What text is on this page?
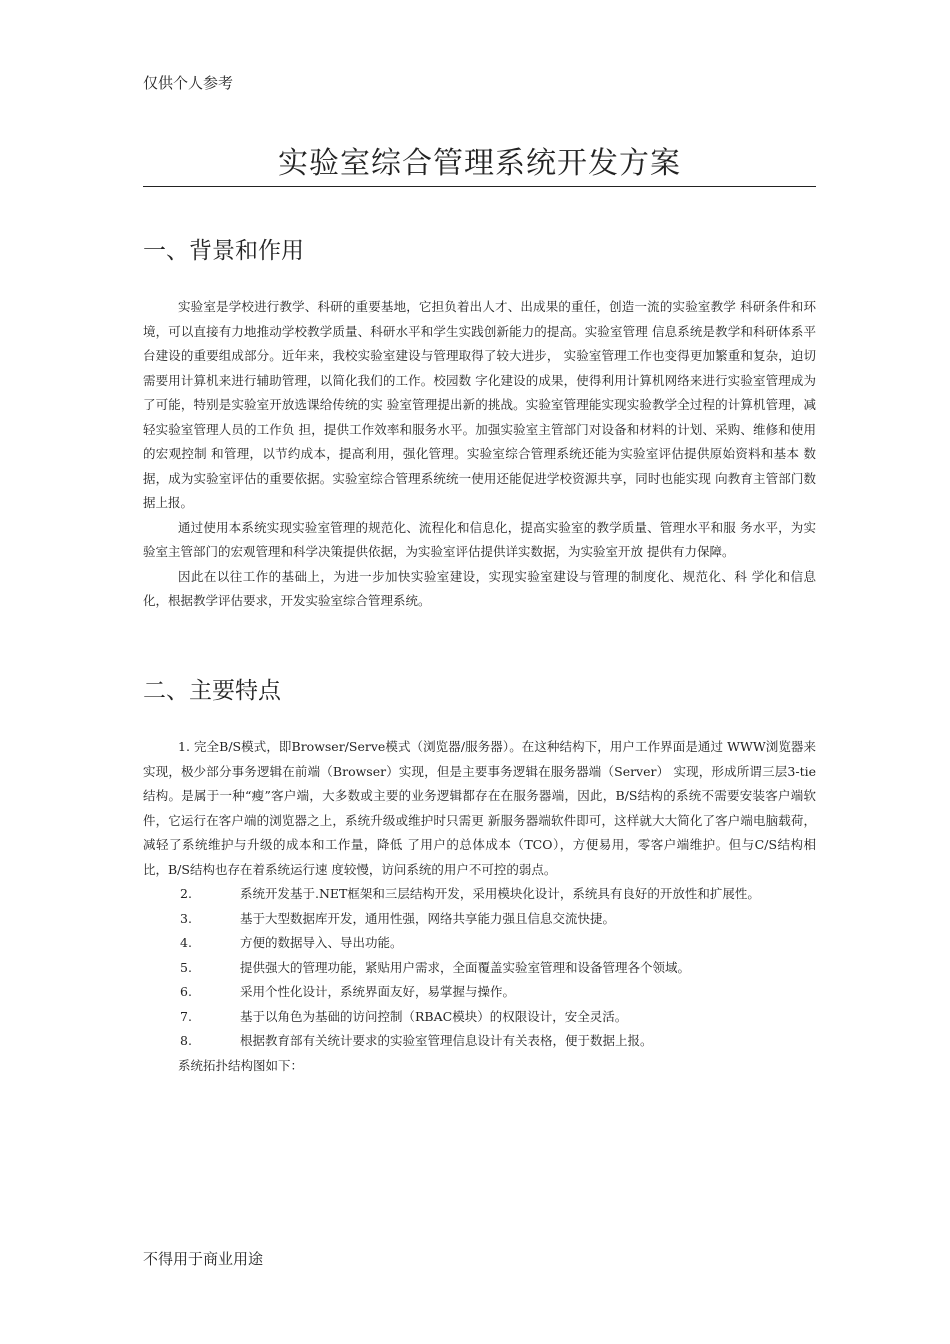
仅供个人参考
实验室综合管理系统开发方案
一、背景和作用

实验室是学校进行教学、科研的重要基地，它担负着出人才、出成果的重任，创造一流的实验室教学 科研条件和环境，可以直接有力地推动学校教学质量、科研水平和学生实践创新能力的提高。实验室管理 信息系统是教学和科研体系平台建设的重要组成部分。近年来，我校实验室建设与管理取得了较大进步， 实验室管理工作也变得更加繁重和复杂，迫切需要用计算机来进行辅助管理，以简化我们的工作。校园数 字化建设的成果，使得利用计算机网络来进行实验室管理成为了可能，特别是实验室开放选课给传统的实 验室管理提出新的挑战。实验室管理能实现实验教学全过程的计算机管理，减轻实验室管理人员的工作负 担，提供工作效率和服务水平。加强实验室主管部门对设备和材料的计划、采购、维修和使用的宏观控制 和管理，以节约成本，提高利用，强化管理。实验室综合管理系统还能为实验室评估提供原始资料和基本 数据，成为实验室评估的重要依据。实验室综合管理系统统一使用还能促进学校资源共享，同时也能实现 向教育主管部门数据上报。

通过使用本系统实现实验室管理的规范化、流程化和信息化，提高实验室的教学质量、管理水平和服 务水平，为实验室主管部门的宏观管理和科学决策提供依据，为实验室评估提供详实数据，为实验室开放 提供有力保障。

因此在以往工作的基础上，为进一步加快实验室建设，实现实验室建设与管理的制度化、规范化、科 学化和信息化，根据教学评估要求，开发实验室综合管理系统。

二、主要特点

1. 完全B/S模式，即Browser/Serve模式（浏览器/服务器）。在这种结构下，用户工作界面是通过 WWW浏览器来实现，极少部分事务逻辑在前端（Browser）实现，但是主要事务逻辑在服务器端（Server） 实现，形成所谓三层3-tie结构。是属于一种“瘦”客户端，大多数或主要的业务逻辑都存在在服务器端，因此，B/S结构的系统不需要安装客户端软件，它运行在客户端的浏览器之上，系统升级或维护时只需更 新服务器端软件即可，这样就大大简化了客户端电脑载荷，减轻了系统维护与升级的成本和工作量，降低 了用户的总体成本（TCO），方便易用，零客户端维护。但与C/S结构相比，B/S结构也存在着系统运行速 度较慢，访问系统的用户不可控的弱点。

2.	系统开发基于.NET框架和三层结构开发，采用模块化设计，系统具有良好的开放性和扩展性。
3.	基于大型数据库开发，通用性强，网络共享能力强且信息交流快捷。
4.	方便的数据导入、导出功能。
5.	提供强大的管理功能，紧贴用户需求，全面覆盖实验室管理和设备管理各个领域。
6.	采用个性化设计，系统界面友好，易掌握与操作。
7.	基于以角色为基础的访问控制（RBAC模块）的权限设计，安全灵活。
8.	根据教育部有关统计要求的实验室管理信息设计有关表格，便于数据上报。

系统拓扑结构图如下：

不得用于商业用途
